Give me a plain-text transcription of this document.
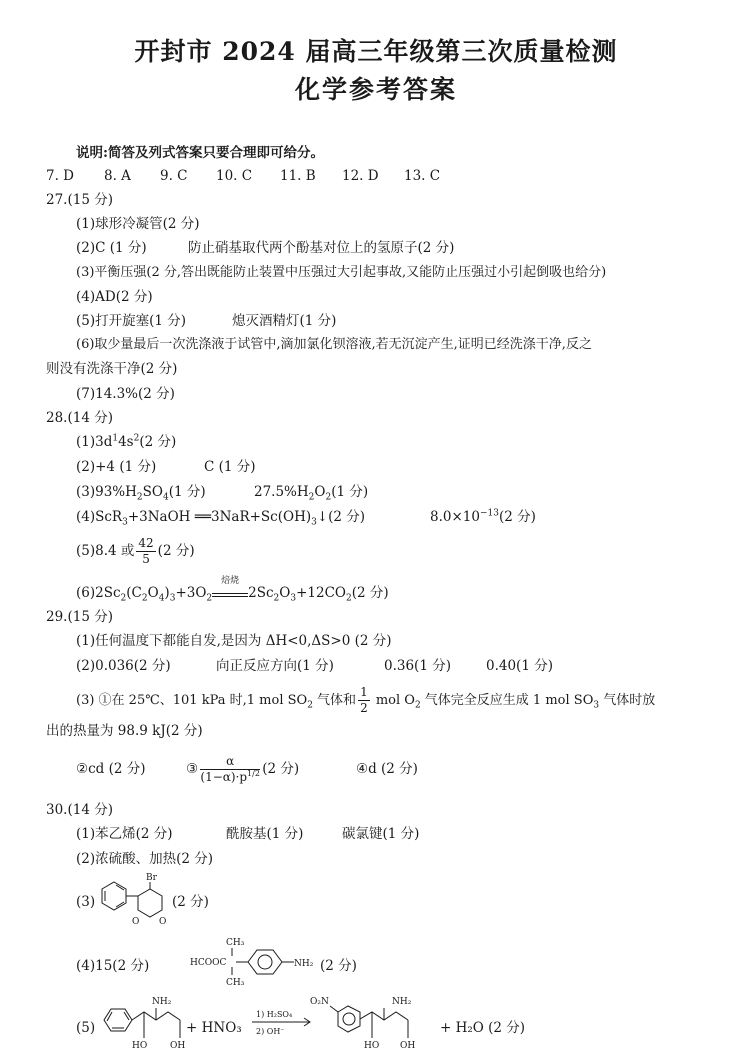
开封市 2024 届高三年级第三次质量检测
化学参考答案
说明:简答及列式答案只要合理即可给分。
7. D 8. A 9. C 10. C 11. B 12. D 13. C
27.(15 分)
(1)球形冷凝管(2 分)
(2)C (1 分)	防止硝基取代两个酚基对位上的氢原子(2 分)
(3)平衡压强(2 分,答出既能防止装置中压强过大引起事故,又能防止压强过小引起倒吸也给分)
(4)AD(2 分)
(5)打开旋塞(1 分)	熄灭酒精灯(1 分)
(6)取少量最后一次洗涤液于试管中,滴加氯化钡溶液,若无沉淀产生,证明已经洗涤干净,反之
则没有洗涤干净(2 分)
(7)14.3%(2 分)
28.(14 分)
$(1)3d^14s^2(2$ 分)
(2)+4 (1 分)	C (1 分)
$(3)93\%H_2SO_4(1$ 分)	$27.5\%H_2O_2(1$ 分)
(4)ScR$_3$+3NaOH $══3NaR+Sc(OH)_3↓(2$ 分)	$8.0\times 10^{-13}(2$ 分)
(5)8.4 或 $\frac{42}{5} (2$ 分)
$(6)2Sc_2(C_2O_4)_3+3O_2$
焙烧
$2Sc_2O_3+12CO_2(2$ 分)
29.(15 分)
(1)任何温度下都能自发,是因为 ΔH<0,ΔS>0 (2 分)
(2)0.036(2 分)	向正反应方向(1 分)	0.36(1 分)	0.40(1 分)
(3) ①在 25℃、101 kPa 时,1 mol $SO_2$ 气体和 $\frac{1}{2}$ mol $O_2$ 气体完全反应生成 1 mol $SO_3$ 气体时放
出的热量为 98.9 kJ(2 分)
②cd (2 分)	③ $\frac{\alpha}{(1-\alpha)\cdot p^{1/2}} (2$ 分)	④d (2 分)
30.(14 分)
(1)苯乙烯(2 分)	酰胺基(1 分)	碳氯键(1 分)
(2)浓硫酸、加热(2 分)
(3)
Br
O O
(2 分)
(4)15(2 分)
CH₃
HCOOC
CH₃
NH₂ (2 分)
(5)
NH₂
HO	OH
+ HNO₃
1) H₂SO₄
2) OH⁻
O₂N	NH₂
HO OH
+ H₂O (2 分)
